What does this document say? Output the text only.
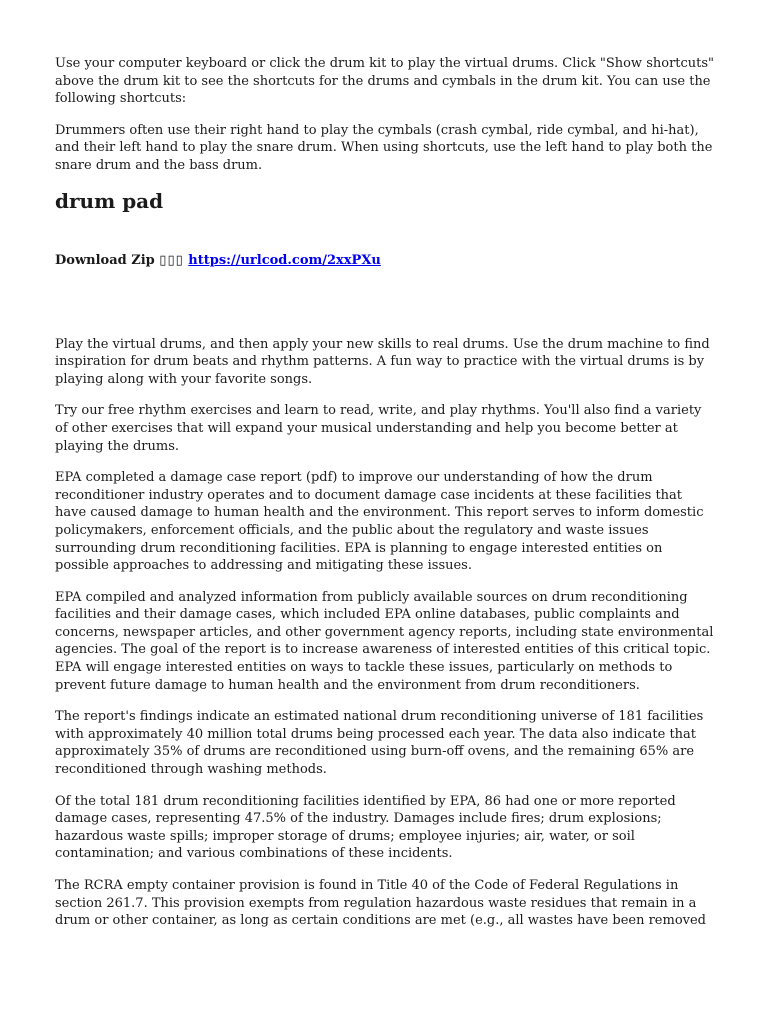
Use your computer keyboard or click the drum kit to play the virtual drums. Click "Show shortcuts" above the drum kit to see the shortcuts for the drums and cymbals in the drum kit. You can use the following shortcuts:

Drummers often use their right hand to play the cymbals (crash cymbal, ride cymbal, and hi-hat), and their left hand to play the snare drum. When using shortcuts, use the left hand to play both the snare drum and the bass drum.

drum pad
Download Zip ▯▯▯ https://urlcod.com/2xxPXu

Play the virtual drums, and then apply your new skills to real drums. Use the drum machine to find inspiration for drum beats and rhythm patterns. A fun way to practice with the virtual drums is by playing along with your favorite songs.

Try our free rhythm exercises and learn to read, write, and play rhythms. You'll also find a variety of other exercises that will expand your musical understanding and help you become better at playing the drums.

EPA completed a damage case report (pdf) to improve our understanding of how the drum reconditioner industry operates and to document damage case incidents at these facilities that have caused damage to human health and the environment. This report serves to inform domestic policymakers, enforcement officials, and the public about the regulatory and waste issues surrounding drum reconditioning facilities. EPA is planning to engage interested entities on possible approaches to addressing and mitigating these issues.

EPA compiled and analyzed information from publicly available sources on drum reconditioning facilities and their damage cases, which included EPA online databases, public complaints and concerns, newspaper articles, and other government agency reports, including state environmental agencies. The goal of the report is to increase awareness of interested entities of this critical topic. EPA will engage interested entities on ways to tackle these issues, particularly on methods to prevent future damage to human health and the environment from drum reconditioners.

The report's findings indicate an estimated national drum reconditioning universe of 181 facilities with approximately 40 million total drums being processed each year. The data also indicate that approximately 35% of drums are reconditioned using burn-off ovens, and the remaining 65% are reconditioned through washing methods.

Of the total 181 drum reconditioning facilities identified by EPA, 86 had one or more reported damage cases, representing 47.5% of the industry. Damages include fires; drum explosions; hazardous waste spills; improper storage of drums; employee injuries; air, water, or soil contamination; and various combinations of these incidents.

The RCRA empty container provision is found in Title 40 of the Code of Federal Regulations in section 261.7. This provision exempts from regulation hazardous waste residues that remain in a drum or other container, as long as certain conditions are met (e.g., all wastes have been removed
